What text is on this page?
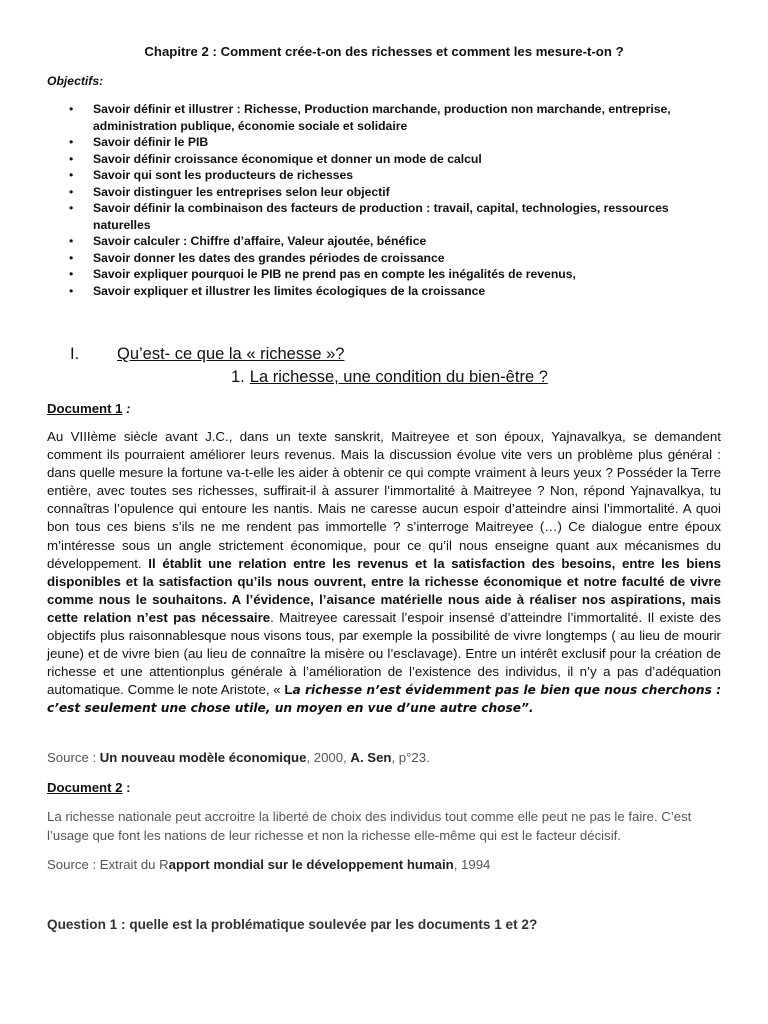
Chapitre 2 : Comment crée-t-on des richesses et comment les mesure-t-on ?
Objectifs:
• Savoir définir et illustrer : Richesse, Production marchande, production non marchande, entreprise, administration publique, économie sociale et solidaire
• Savoir définir le PIB
• Savoir définir croissance économique et donner un mode de calcul
• Savoir qui sont les producteurs de richesses
• Savoir distinguer les entreprises selon leur objectif
• Savoir définir la combinaison des facteurs de production : travail, capital, technologies, ressources naturelles
• Savoir calculer : Chiffre d’affaire, Valeur ajoutée, bénéfice
• Savoir donner les dates des grandes périodes de croissance
• Savoir expliquer pourquoi le PIB ne prend pas en compte les inégalités de revenus,
• Savoir expliquer et illustrer les limites écologiques de la croissance
I. Qu’est- ce que la « richesse »?
1. La richesse, une condition du bien-être ?
Document 1 :

Au VIIIème siècle avant J.C., dans un texte sanskrit, Maitreyee et son époux, Yajnavalkya, se demandent comment ils pourraient améliorer leurs revenus. Mais la discussion évolue vite vers un problème plus général : dans quelle mesure la fortune va-t-elle les aider à obtenir ce qui compte vraiment à leurs yeux ? Posséder la Terre entière, avec toutes ses richesses, suffirait-il à assurer l’immortalité à Maitreyee ? Non, répond Yajnavalkya, tu connaîtras l’opulence qui entoure les nantis. Mais ne caresse aucun espoir d’atteindre ainsi l’immortalité. A quoi bon tous ces biens s’ils ne me rendent pas immortelle ? s’interroge Maitreyee (…) Ce dialogue entre époux m’intéresse sous un angle strictement économique, pour ce qu’il nous enseigne quant aux mécanismes du développement. Il établit une relation entre les revenus et la satisfaction des besoins, entre les biens disponibles et la satisfaction qu’ils nous ouvrent, entre la richesse économique et notre faculté de vivre comme nous le souhaitons. A l’évidence, l’aisance matérielle nous aide à réaliser nos aspirations, mais cette relation n’est pas nécessaire. Maitreyee caressait l’espoir insensé d’atteindre l’immortalité. Il existe des objectifs plus raisonnablesque nous visons tous, par exemple la possibilité de vivre longtemps ( au lieu de mourir jeune) et de vivre bien (au lieu de connaître la misère ou l’esclavage). Entre un intérêt exclusif pour la création de richesse et une attentionplus générale à l’amélioration de l’existence des individus, il n’y a pas d’adéquation automatique. Comme le note Aristote, « La richesse n’est évidemment pas le bien que nous cherchons : c’est seulement une chose utile, un moyen en vue d’une autre chose”.

Source : Un nouveau modèle économique, 2000, A. Sen, p°23.
Document 2 :

La richesse nationale peut accroitre la liberté de choix des individus tout comme elle peut ne pas le faire. C’est l’usage que font les nations de leur richesse et non la richesse elle-même qui est le facteur décisif.

Source : Extrait du Rapport mondial sur le développement humain, 1994
Question 1 : quelle est la problématique soulevée par les documents 1 et 2?
